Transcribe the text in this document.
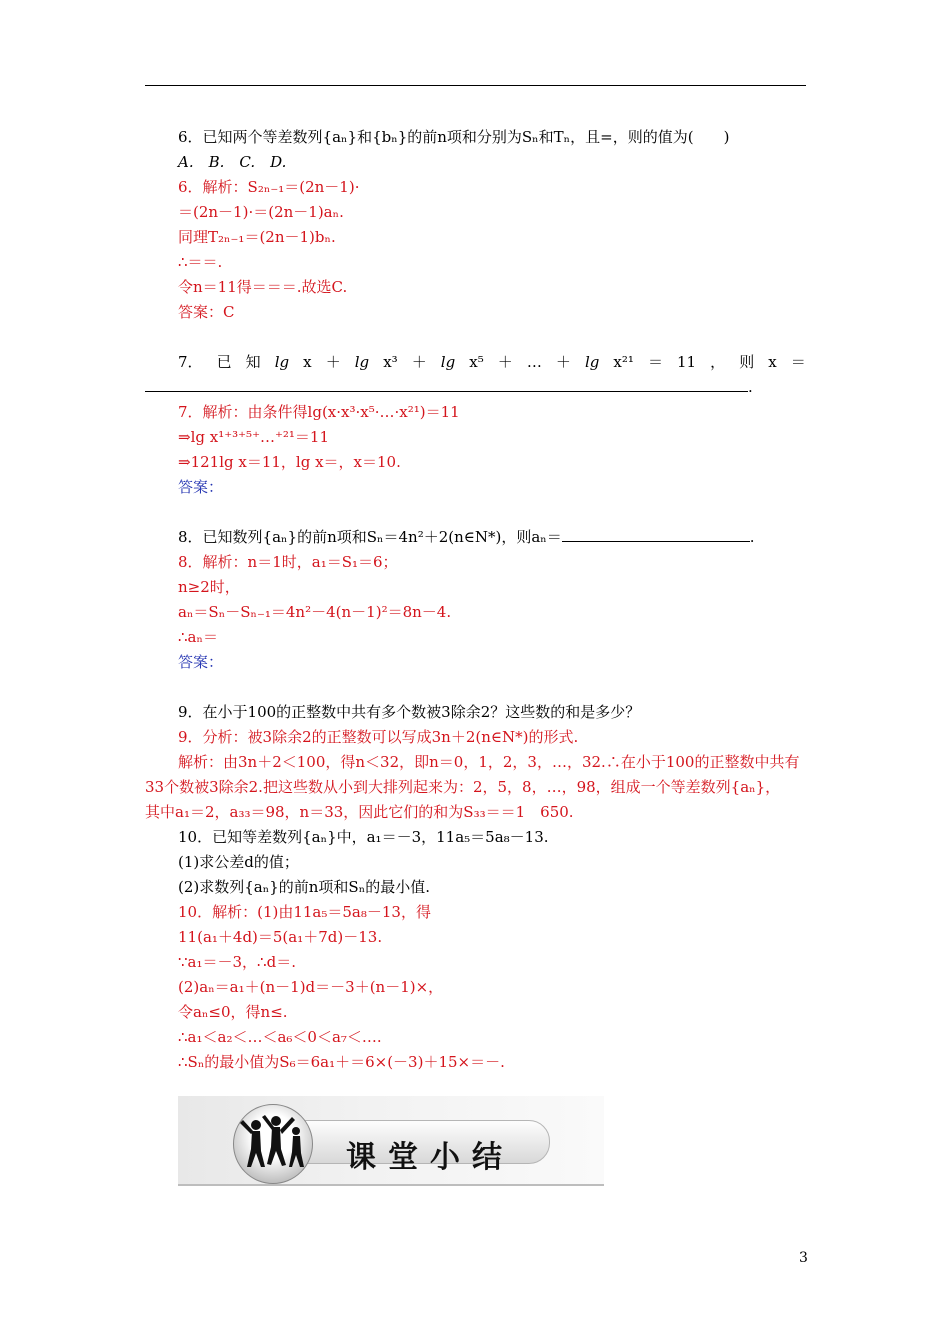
6．已知两个等差数列{aₙ}和{bₙ}的前n项和分别为Sₙ和Tₙ，且=，则的值为(　　)
A.　B.　C.　D.
6．解析：S₂ₙ₋₁＝(2n－1)·
＝(2n－1)·＝(2n－1)aₙ.
同理T₂ₙ₋₁＝(2n－1)bₙ.
∴＝＝.
令n＝11得＝＝＝.故选C.
答案：C
7． 已 知 lg x ＋ lg x³ ＋ lg x⁵ ＋ … ＋ lg x²¹ ＝ 11 ， 则 x ＝
.
7．解析：由条件得lg(x·x³·x⁵·…·x²¹)＝11
⇒lg x¹⁺³⁺⁵⁺…⁺²¹＝11
⇒121lg x＝11，lg x＝，x＝10.
答案：
8．已知数列{aₙ}的前n项和Sₙ＝4n²＋2(n∈N*)，则aₙ＝	.
8．解析：n＝1时，a₁＝S₁＝6；
n≥2时，
aₙ＝Sₙ－Sₙ₋₁＝4n²－4(n－1)²＝8n－4.
∴aₙ＝
答案：
9．在小于100的正整数中共有多个数被3除余2？这些数的和是多少？
9．分析：被3除余2的正整数可以写成3n＋2(n∈N*)的形式.
解析：由3n＋2＜100，得n＜32，即n＝0，1，2，3，…，32.∴在小于100的正整数中共有
33个数被3除余2.把这些数从小到大排列起来为：2，5，8，…，98，组成一个等差数列{aₙ}，
其中a₁＝2，a₃₃＝98，n＝33，因此它们的和为S₃₃＝＝1　650.
10．已知等差数列{aₙ}中，a₁＝－3，11a₅＝5a₈－13.
(1)求公差d的值；
(2)求数列{aₙ}的前n项和Sₙ的最小值.
10．解析：(1)由11a₅＝5a₈－13，得
11(a₁＋4d)＝5(a₁＋7d)－13.
∵a₁＝－3，∴d＝.
(2)aₙ＝a₁＋(n－1)d＝－3＋(n－1)×，
令aₙ≤0，得n≤.
∴a₁＜a₂＜…＜a₆＜0＜a₇＜….
∴Sₙ的最小值为S₆＝6a₁＋＝6×(－3)＋15×＝－.
课堂小结
3
